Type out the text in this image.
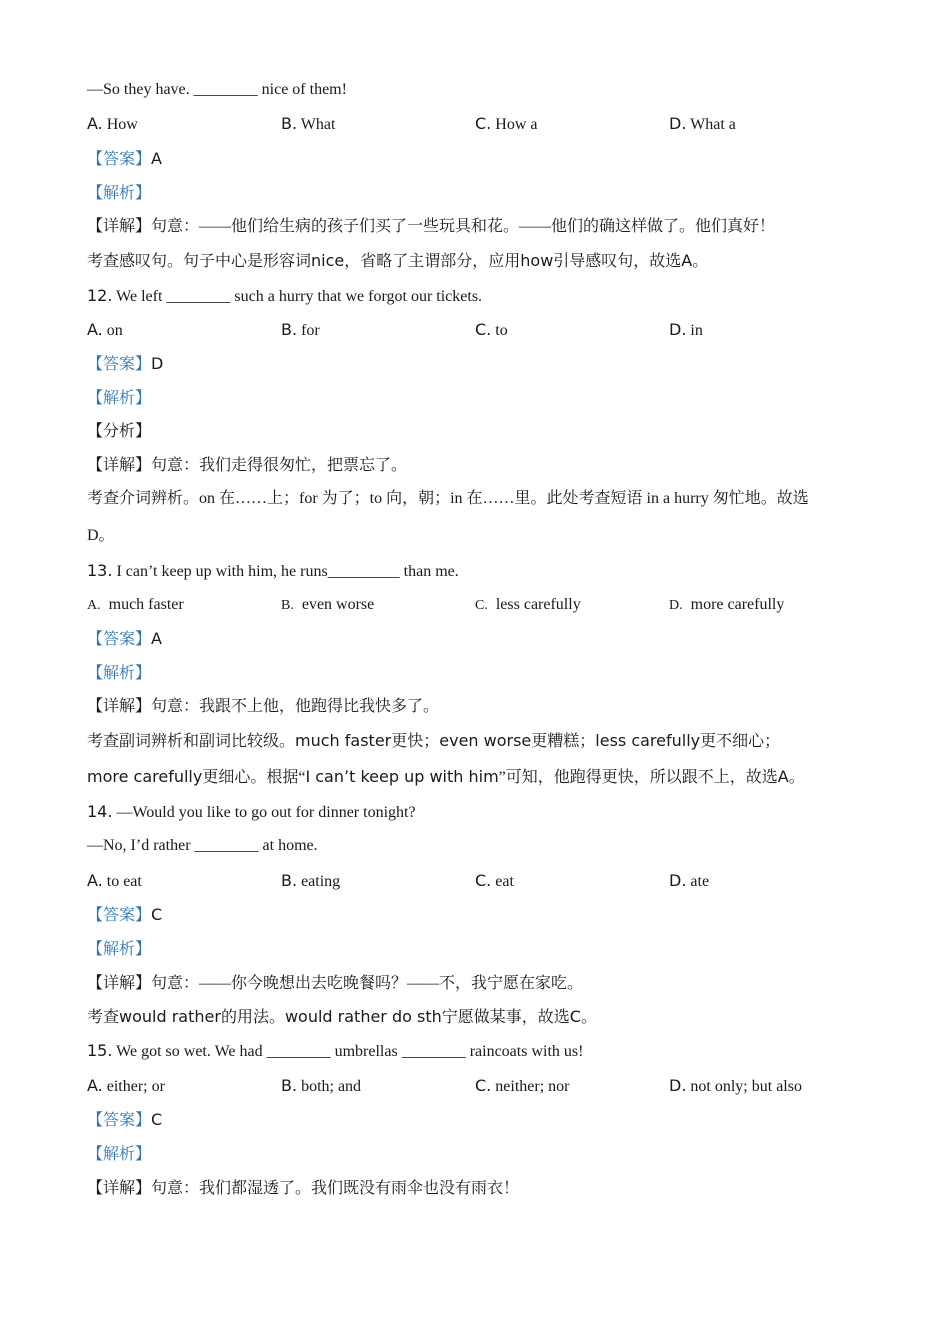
—So they have. ________ nice of them!
A. How	B. What	C. How a	D. What a
【答案】A
【解析】
【详解】句意：——他们给生病的孩子们买了一些玩具和花。——他们的确这样做了。他们真好！
考查感叹句。句子中心是形容词nice，省略了主谓部分，应用how引导感叹句，故选A。
12. We left ________ such a hurry that we forgot our tickets.
A. on	B. for	C. to	D. in
【答案】D
【解析】
【分析】
【详解】句意：我们走得很匆忙，把票忘了。
考查介词辨析。on 在……上；for 为了；to 向，朝；in 在……里。此处考查短语 in a hurry 匆忙地。故选
D。
13. I can’t keep up with him, he runs_________ than me.
A. much faster	B. even worse	C. less carefully	D. more carefully
【答案】A
【解析】
【详解】句意：我跟不上他，他跑得比我快多了。
考查副词辨析和副词比较级。much faster更快；even worse更糟糕；less carefully更不细心；
more carefully更细心。根据“I can’t keep up with him”可知，他跑得更快，所以跟不上，故选A。
14. —Would you like to go out for dinner tonight?
—No, I’d rather ________ at home.
A. to eat	B. eating	C. eat	D. ate
【答案】C
【解析】
【详解】句意：——你今晚想出去吃晚餐吗？——不，我宁愿在家吃。
考查would rather的用法。would rather do sth宁愿做某事，故选C。
15. We got so wet. We had ________ umbrellas ________ raincoats with us!
A. either; or	B. both; and	C. neither; nor	D. not only; but also
【答案】C
【解析】
【详解】句意：我们都湿透了。我们既没有雨伞也没有雨衣！
